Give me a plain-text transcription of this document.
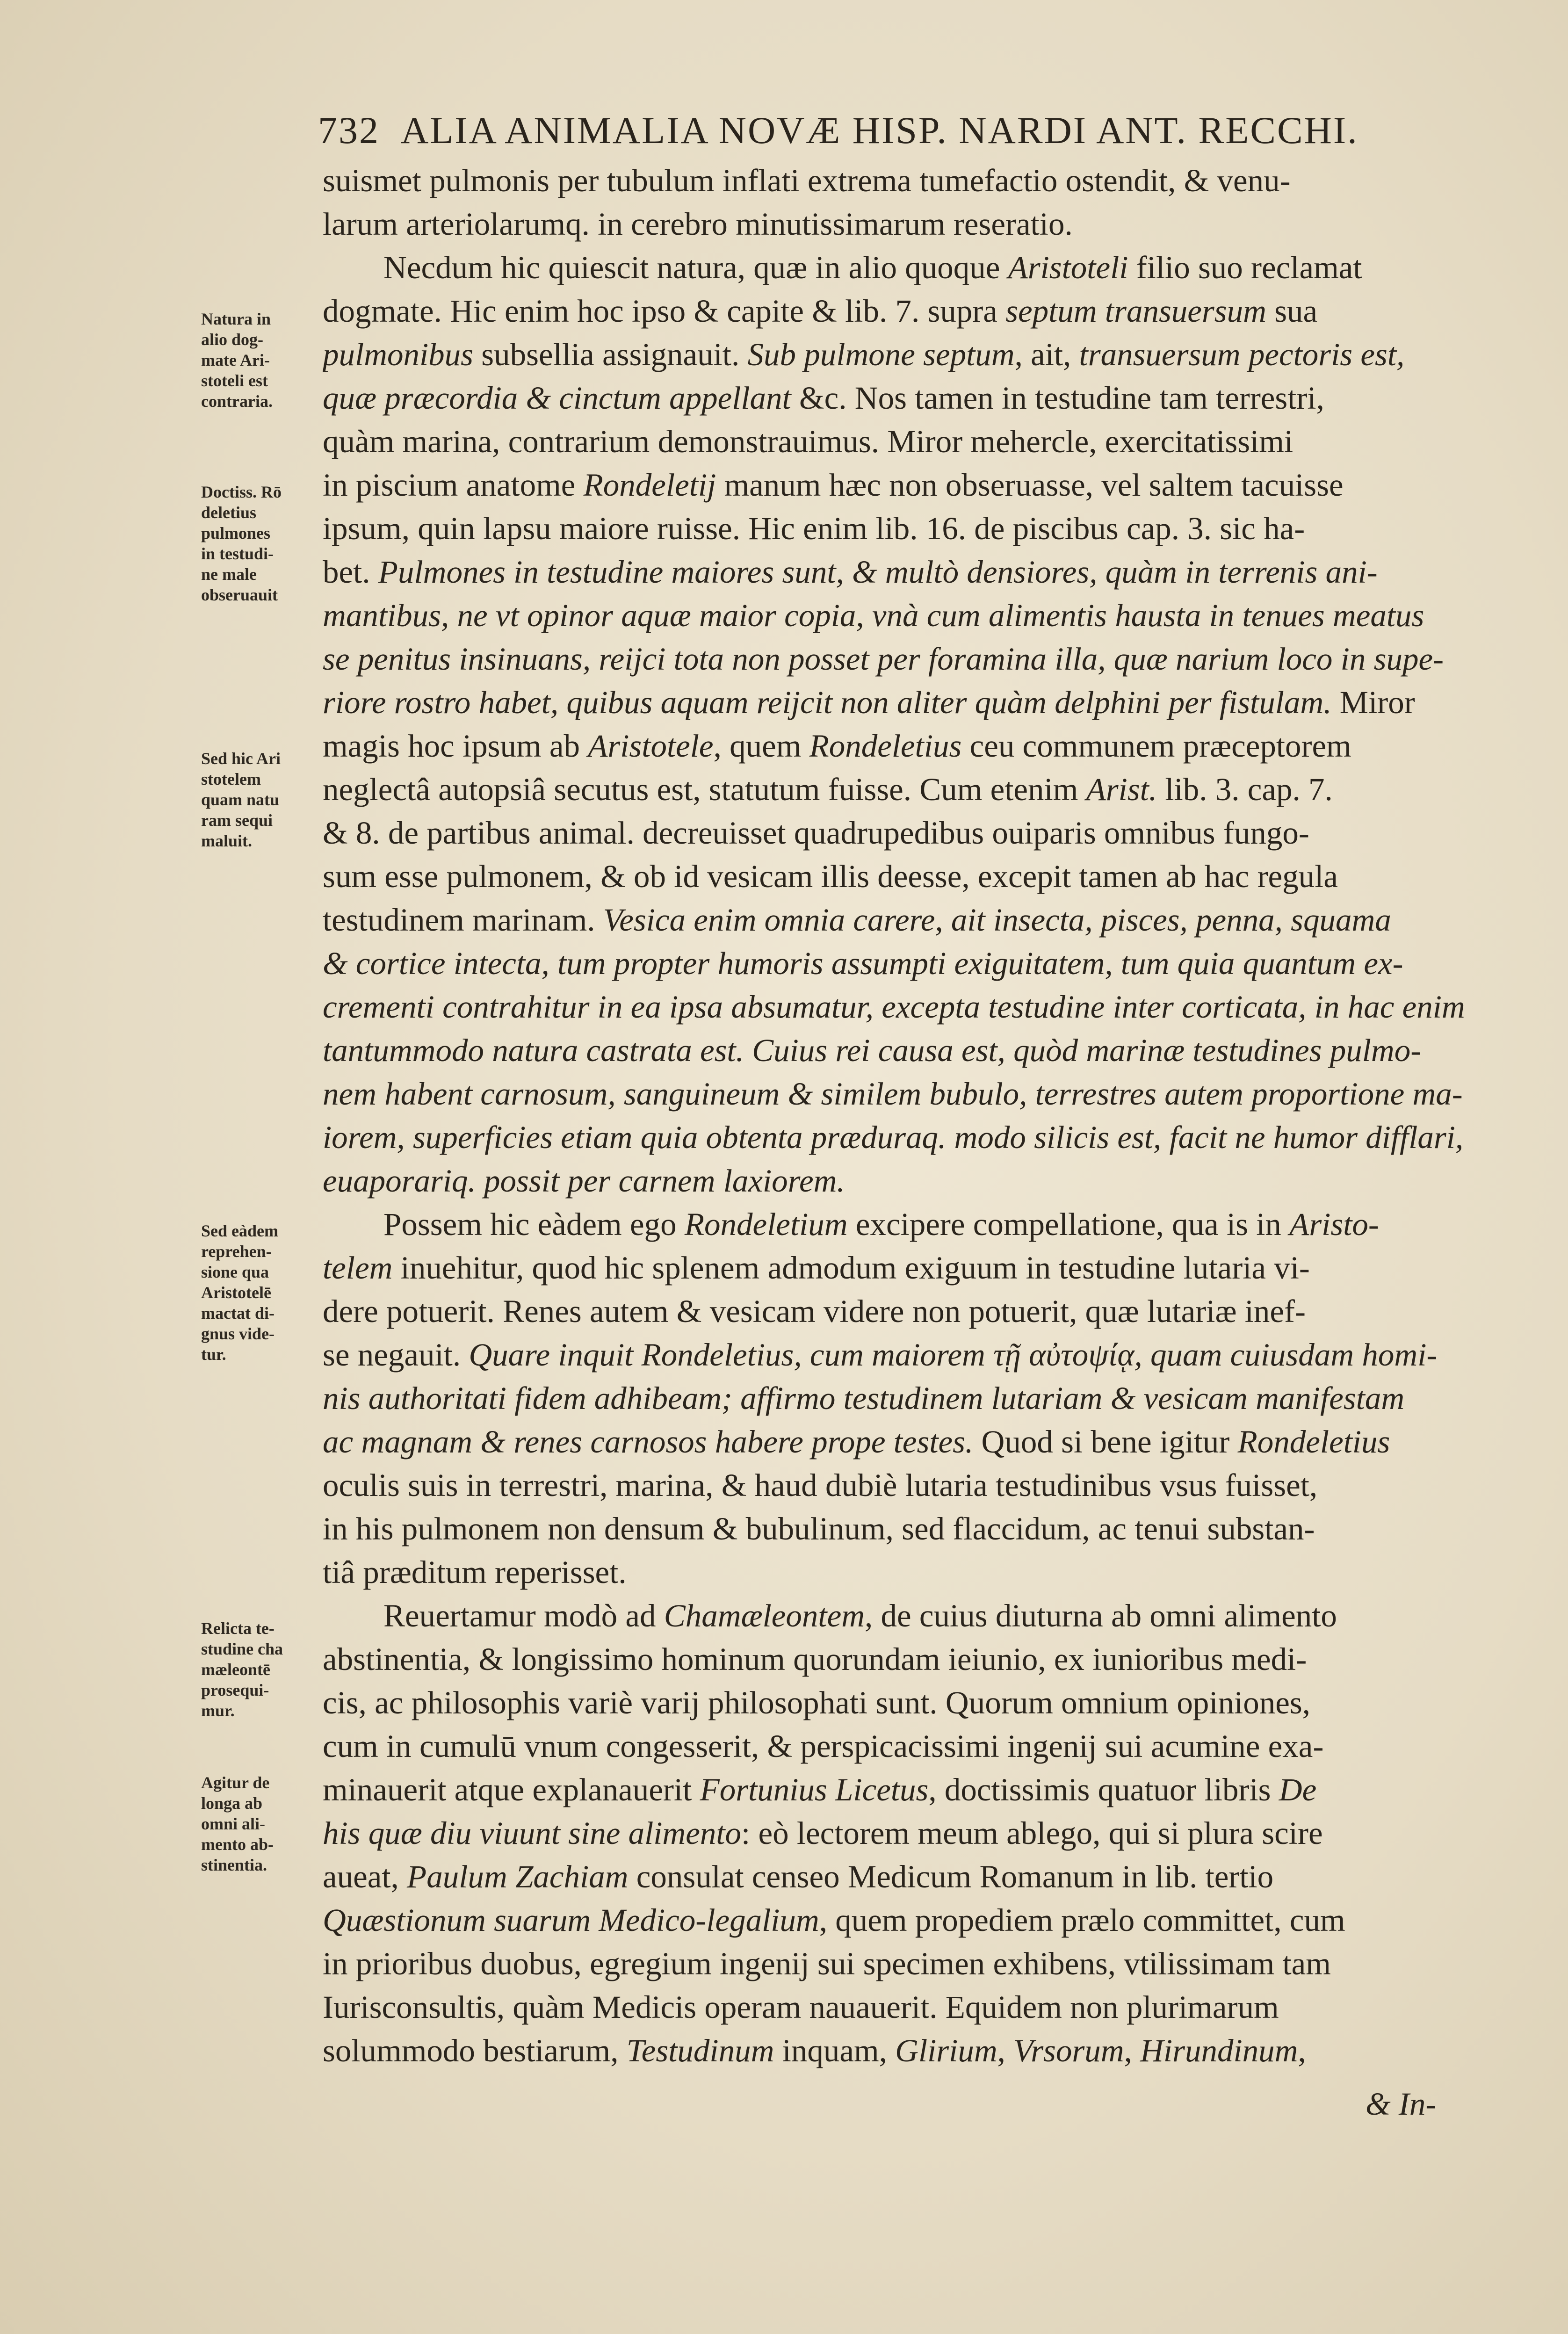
732 ALIA ANIMALIA NOVÆ HISP. NARDI ANT. RECCHI.
suismet pulmonis per tubulum inflati extrema tumefactio ostendit, & venu-
larum arteriolarumq. in cerebro minutissimarum reseratio.
Necdum hic quiescit natura, quæ in alio quoque Aristoteli filio suo reclamat
dogmate. Hic enim hoc ipso & capite & lib. 7. supra septum transuersum sua
pulmonibus subsellia assignauit. Sub pulmone septum, ait, transuersum pectoris est,
quæ præcordia & cinctum appellant &c. Nos tamen in testudine tam terrestri,
quàm marina, contrarium demonstrauimus. Miror mehercle, exercitatissimi
in piscium anatome Rondeletij manum hæc non obseruasse, vel saltem tacuisse
ipsum, quin lapsu maiore ruisse. Hic enim lib. 16. de piscibus cap. 3. sic ha-
bet. Pulmones in testudine maiores sunt, & multò densiores, quàm in terrenis ani-
mantibus, ne vt opinor aquæ maior copia, vnà cum alimentis hausta in tenues meatus
se penitus insinuans, reijci tota non posset per foramina illa, quæ narium loco in supe-
riore rostro habet, quibus aquam reijcit non aliter quàm delphini per fistulam. Miror
magis hoc ipsum ab Aristotele, quem Rondeletius ceu communem præceptorem
neglectâ autopsiâ secutus est, statutum fuisse. Cum etenim Arist. lib. 3. cap. 7.
& 8. de partibus animal. decreuisset quadrupedibus ouiparis omnibus fungo-
sum esse pulmonem, & ob id vesicam illis deesse, excepit tamen ab hac regula
testudinem marinam. Vesica enim omnia carere, ait insecta, pisces, penna, squama
& cortice intecta, tum propter humoris assumpti exiguitatem, tum quia quantum ex-
crementi contrahitur in ea ipsa absumatur, excepta testudine inter corticata, in hac enim
tantummodo natura castrata est. Cuius rei causa est, quòd marinæ testudines pulmo-
nem habent carnosum, sanguineum & similem bubulo, terrestres autem proportione ma-
iorem, superficies etiam quia obtenta præduraq. modo silicis est, facit ne humor difflari,
euaporariq. possit per carnem laxiorem.
Possem hic eàdem ego Rondeletium excipere compellatione, qua is in Aristo-
telem inuehitur, quod hic splenem admodum exiguum in testudine lutaria vi-
dere potuerit. Renes autem & vesicam videre non potuerit, quæ lutariæ inef-
se negauit. Quare inquit Rondeletius, cum maiorem τῇ αὐτοψίᾳ, quam cuiusdam homi-
nis authoritati fidem adhibeam; affirmo testudinem lutariam & vesicam manifestam
ac magnam & renes carnosos habere prope testes. Quod si bene igitur Rondeletius
oculis suis in terrestri, marina, & haud dubiè lutaria testudinibus vsus fuisset,
in his pulmonem non densum & bubulinum, sed flaccidum, ac tenui substan-
tiâ præditum reperisset.
Reuertamur modò ad Chamæleontem, de cuius diuturna ab omni alimento
abstinentia, & longissimo hominum quorundam ieiunio, ex iunioribus medi-
cis, ac philosophis variè varij philosophati sunt. Quorum omnium opiniones,
cum in cumulū vnum congesserit, & perspicacissimi ingenij sui acumine exa-
minauerit atque explanauerit Fortunius Licetus, doctissimis quatuor libris De
his quæ diu viuunt sine alimento: eò lectorem meum ablego, qui si plura scire
aueat, Paulum Zachiam consulat censeo Medicum Romanum in lib. tertio
Quæstionum suarum Medico-legalium, quem propediem prælo committet, cum
in prioribus duobus, egregium ingenij sui specimen exhibens, vtilissimam tam
Iurisconsultis, quàm Medicis operam nauauerit. Equidem non plurimarum
solummodo bestiarum, Testudinum inquam, Glirium, Vrsorum, Hirundinum,
Natura in
alio dog-
mate Ari-
stoteli est
contraria.
Doctiss. Rō
deletius
pulmones
in testudi-
ne male
obseruauit
Sed hic Ari
stotelem
quam natu
ram sequi
maluit.
Sed eàdem
reprehen-
sione qua
Aristotelē
mactat di-
gnus vide-
tur.
Relicta te-
studine cha
mæleontē
prosequi-
mur.
Agitur de
longa ab
omni ali-
mento ab-
stinentia.
& In-
